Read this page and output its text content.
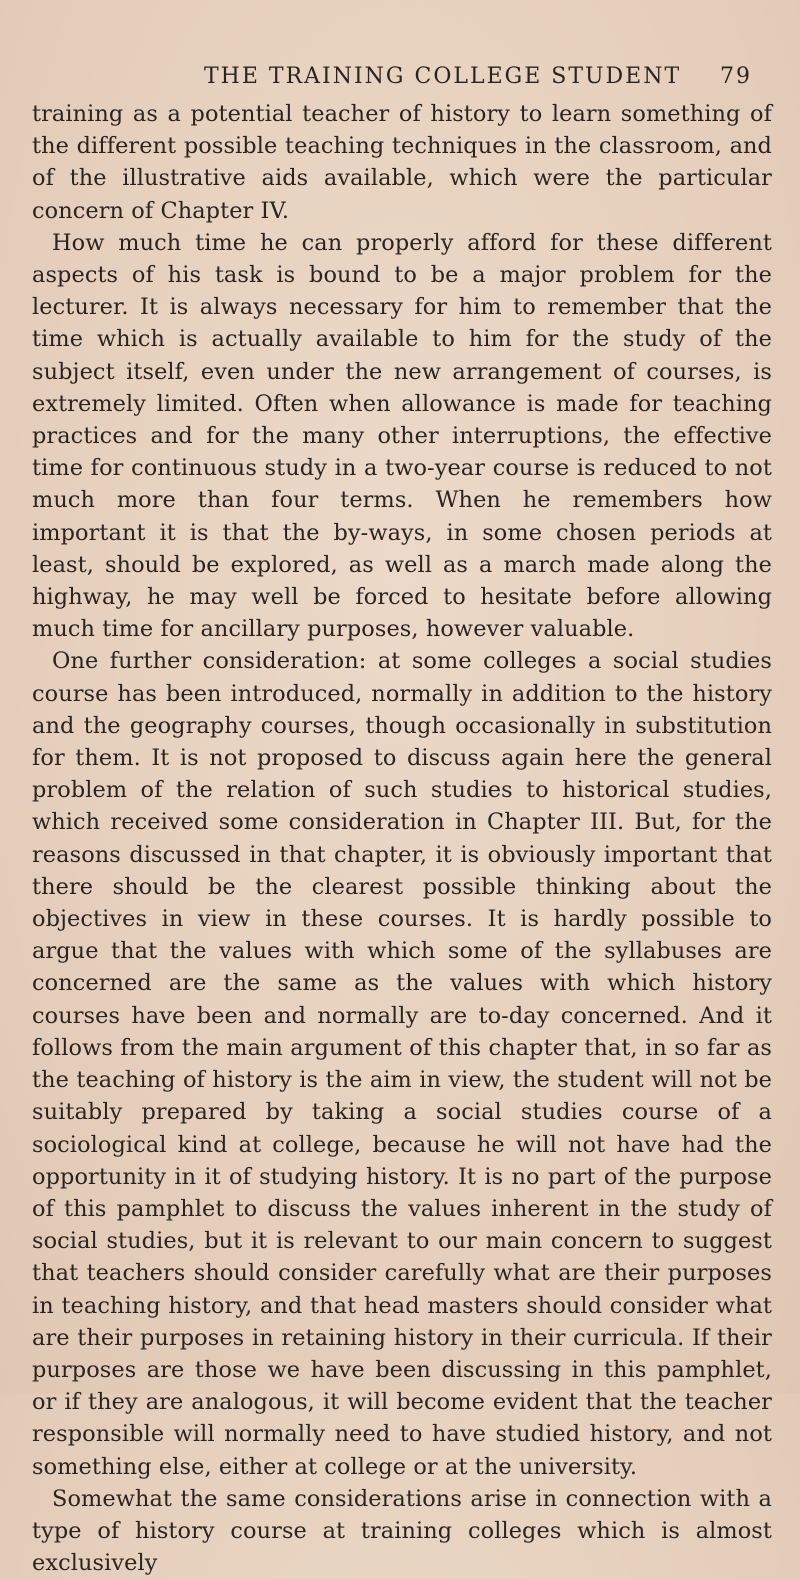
THE TRAINING COLLEGE STUDENT 79

training as a potential teacher of history to learn something of the different possible teaching techniques in the classroom, and of the illustrative aids available, which were the particular concern of Chapter IV.

How much time he can properly afford for these different aspects of his task is bound to be a major problem for the lecturer. It is always necessary for him to remember that the time which is actually available to him for the study of the subject itself, even under the new arrangement of courses, is extremely limited. Often when allowance is made for teaching practices and for the many other interruptions, the effective time for continuous study in a two-year course is reduced to not much more than four terms. When he remembers how important it is that the by-ways, in some chosen periods at least, should be explored, as well as a march made along the highway, he may well be forced to hesitate before allowing much time for ancillary purposes, however valuable.

One further consideration: at some colleges a social studies course has been introduced, normally in addition to the history and the geography courses, though occasionally in substitution for them. It is not proposed to discuss again here the general problem of the relation of such studies to historical studies, which received some consideration in Chapter III. But, for the reasons discussed in that chapter, it is obviously important that there should be the clearest possible thinking about the objectives in view in these courses. It is hardly possible to argue that the values with which some of the syllabuses are concerned are the same as the values with which history courses have been and normally are to-day concerned. And it follows from the main argument of this chapter that, in so far as the teaching of history is the aim in view, the student will not be suitably prepared by taking a social studies course of a sociological kind at college, because he will not have had the opportunity in it of studying history. It is no part of the purpose of this pamphlet to discuss the values inherent in the study of social studies, but it is relevant to our main concern to suggest that teachers should consider carefully what are their purposes in teaching history, and that head masters should consider what are their purposes in retaining history in their curricula. If their purposes are those we have been discussing in this pamphlet, or if they are analogous, it will become evident that the teacher responsible will normally need to have studied history, and not something else, either at college or at the university.

Somewhat the same considerations arise in connection with a type of history course at training colleges which is almost exclusively
